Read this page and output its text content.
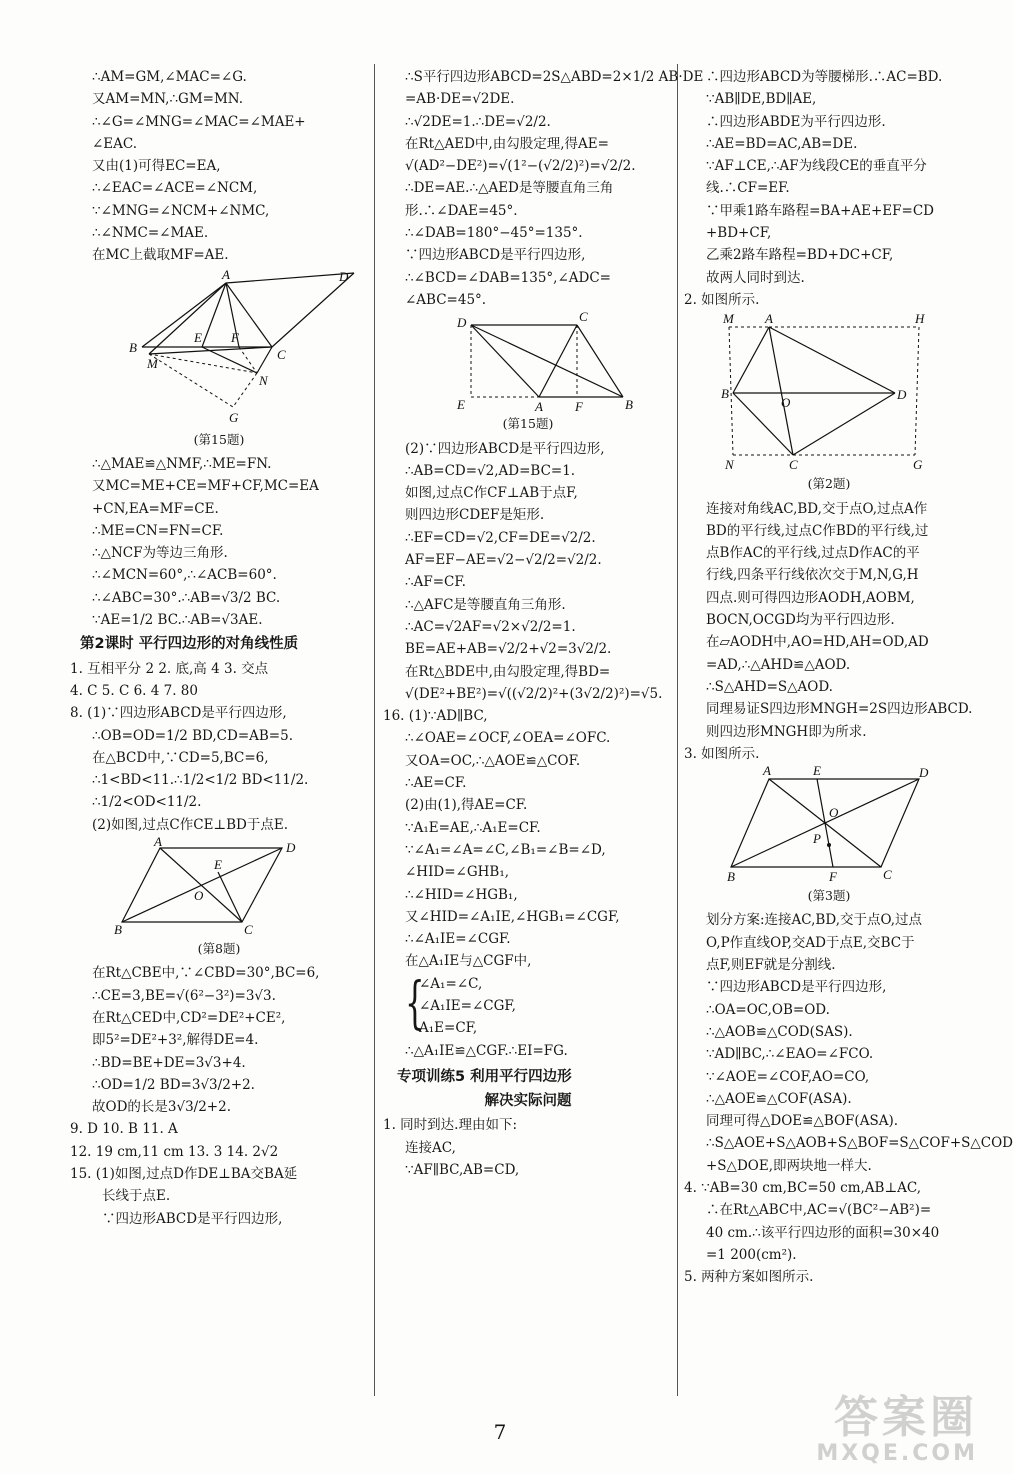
∴AM=GM,∠MAC=∠G.
又AM=MN,∴GM=MN.
∴∠G=∠MNG=∠MAC=∠MAE+
∠EAC.
又由(1)可得EC=EA,
∴∠EAC=∠ACE=∠NCM,
∵∠MNG=∠NCM+∠NMC,
∴∠NMC=∠MAE.
在MC上截取MF=AE.
A	D
B
M
E F
C
N
G
(第15题)
∴△MAE≌△NMF,∴ME=FN.
又MC=ME+CE=MF+CF,MC=EA
+CN,EA=MF=CE.
∴ME=CN=FN=CF.
∴△NCF为等边三角形.
∴∠MCN=60°,∴∠ACB=60°.
∴∠ABC=30°.∴AB=√3/2 BC.
∵AE=1/2 BC.∴AB=√3AE.
第2课时 平行四边形的对角线性质
1. 互相平分 2 2. 底,高 4 3. 交点
4. C 5. C 6. 4 7. 80
8. (1)∵四边形ABCD是平行四边形,
∴OB=OD=1/2 BD,CD=AB=5.
在△BCD中,∵CD=5,BC=6,
∴1<BD<11.∴1/2<1/2 BD<11/2.
∴1/2<OD<11/2.
(2)如图,过点C作CE⊥BD于点E.
A	D
E
O
B	C
(第8题)
在Rt△CBE中,∵∠CBD=30°,BC=6,
∴CE=3,BE=√(6²−3²)=3√3.
在Rt△CED中,CD²=DE²+CE²,
即5²=DE²+3²,解得DE=4.
∴BD=BE+DE=3√3+4.
∴OD=1/2 BD=3√3/2+2.
故OD的长是3√3/2+2.
9. D 10. B 11. A
12. 19 cm,11 cm 13. 3 14. 2√2
15. (1)如图,过点D作DE⊥BA交BA延
长线于点E.
∵四边形ABCD是平行四边形,
∴S平行四边形ABCD=2S△ABD=2×1/2 AB·DE
=AB·DE=√2DE.
∴√2DE=1.∴DE=√2/2.
在Rt△AED中,由勾股定理,得AE=
√(AD²−DE²)=√(1²−(√2/2)²)=√2/2.
∴DE=AE.∴△AED是等腰直角三角
形.∴∠DAE=45°.
∴∠DAB=180°−45°=135°.
∵四边形ABCD是平行四边形,
∴∠BCD=∠DAB=135°,∠ADC=
∠ABC=45°.
D	C
E	A F	B
(第15题)
(2)∵四边形ABCD是平行四边形,
∴AB=CD=√2,AD=BC=1.
如图,过点C作CF⊥AB于点F,
则四边形CDEF是矩形.
∴EF=CD=√2,CF=DE=√2/2.
AF=EF−AE=√2−√2/2=√2/2.
∴AF=CF.
∴△AFC是等腰直角三角形.
∴AC=√2AF=√2×√2/2=1.
BE=AE+AB=√2/2+√2=3√2/2.
在Rt△BDE中,由勾股定理,得BD=
√(DE²+BE²)=√((√2/2)²+(3√2/2)²)=√5.
16. (1)∵AD∥BC,
∴∠OAE=∠OCF,∠OEA=∠OFC.
又OA=OC,∴△AOE≌△COF.
∴AE=CF.
(2)由(1),得AE=CF.
∵A₁E=AE,∴A₁E=CF.
∵∠A₁=∠A=∠C,∠B₁=∠B=∠D,
∠HID=∠GHB₁,
∴∠HID=∠HGB₁,
又∠HID=∠A₁IE,∠HGB₁=∠CGF,
∴∠A₁IE=∠CGF.
在△A₁IE与△CGF中,
{
∠A₁=∠C,
∠A₁IE=∠CGF,
A₁E=CF,
∴△A₁IE≌△CGF.∴EI=FG.
专项训练5 利用平行四边形
解决实际问题
1. 同时到达.理由如下:
连接AC,
∵AF∥BC,AB=CD,
∴四边形ABCD为等腰梯形.∴AC=BD.
∵AB∥DE,BD∥AE,
∴四边形ABDE为平行四边形.
∴AE=BD=AC,AB=DE.
∵AF⊥CE,∴AF为线段CE的垂直平分
线.∴CF=EF.
∵甲乘1路车路程=BA+AE+EF=CD
+BD+CF,
乙乘2路车路程=BD+DC+CF,
故两人同时到达.
2. 如图所示.
M A	H
B
O
D
N	C	G
(第2题)
连接对角线AC,BD,交于点O,过点A作
BD的平行线,过点C作BD的平行线,过
点B作AC的平行线,过点D作AC的平
行线,四条平行线依次交于M,N,G,H
四点.则可得四边形AODH,AOBM,
BOCN,OCGD均为平行四边形.
在▱AODH中,AO=HD,AH=OD,AD
=AD,∴△AHD≌△AOD.
∴S△AHD=S△AOD.
同理易证S四边形MNGH=2S四边形ABCD.
则四边形MNGH即为所求.
3. 如图所示.
A	E	D
O
P
B	F	C
(第3题)
划分方案:连接AC,BD,交于点O,过点
O,P作直线OP,交AD于点E,交BC于
点F,则EF就是分割线.
∵四边形ABCD是平行四边形,
∴OA=OC,OB=OD.
∴△AOB≌△COD(SAS).
∵AD∥BC,∴∠EAO=∠FCO.
∵∠AOE=∠COF,AO=CO,
∴△AOE≌△COF(ASA).
同理可得△DOE≌△BOF(ASA).
∴S△AOE+S△AOB+S△BOF=S△COF+S△COD
+S△DOE,即两块地一样大.
4. ∵AB=30 cm,BC=50 cm,AB⊥AC,
∴在Rt△ABC中,AC=√(BC²−AB²)=
40 cm.∴该平行四边形的面积=30×40
=1 200(cm²).
5. 两种方案如图所示.
7	答案圈
MXQE.COM
